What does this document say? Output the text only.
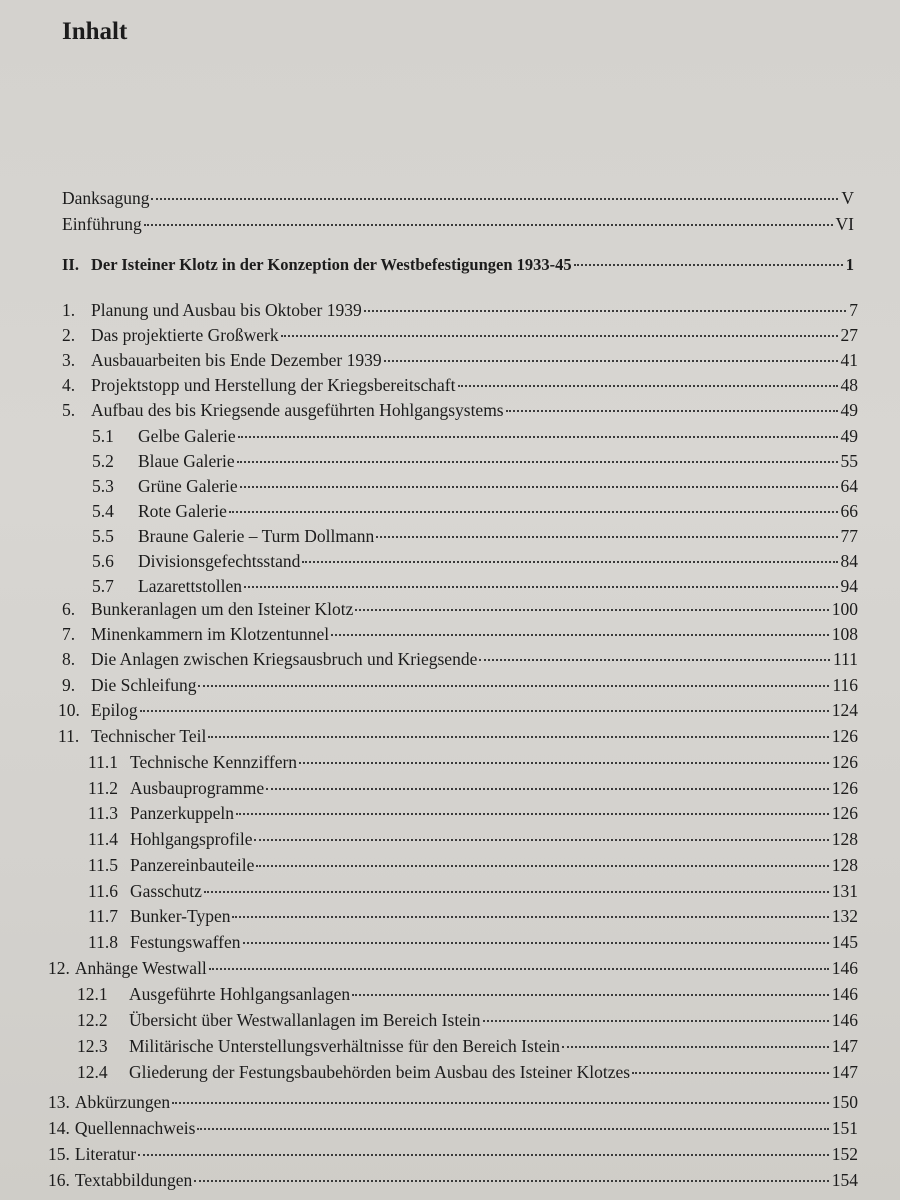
Inhalt
Danksagung	V
Einführung	VI
II. Der Isteiner Klotz in der Konzeption der Westbefestigungen 1933-45	1
1. Planung und Ausbau bis Oktober 1939	7
2. Das projektierte Großwerk	27
3. Ausbauarbeiten bis Ende Dezember 1939	41
4. Projektstopp und Herstellung der Kriegsbereitschaft	48
5. Aufbau des bis Kriegsende ausgeführten Hohlgangsystems	49
5.1	Gelbe Galerie	49
5.2	Blaue Galerie	55
5.3	Grüne Galerie	64
5.4	Rote Galerie	66
5.5	Braune Galerie – Turm Dollmann	77
5.6	Divisionsgefechtsstand	84
5.7	Lazarettstollen	94
6. Bunkeranlagen um den Isteiner Klotz	100
7. Minenkammern im Klotzentunnel	108
8. Die Anlagen zwischen Kriegsausbruch und Kriegsende	111
9. Die Schleifung	116
10. Epilog	124
11. Technischer Teil	126
11.1 Technische Kennziffern	126
11.2 Ausbauprogramme	126
11.3 Panzerkuppeln	126
11.4 Hohlgangsprofile	128
11.5 Panzereinbauteile	128
11.6 Gasschutz	131
11.7 Bunker-Typen	132
11.8 Festungswaffen	145
12. Anhänge Westwall	146
12.1	Ausgeführte Hohlgangsanlagen	146
12.2	Übersicht über Westwallanlagen im Bereich Istein	146
12.3	Militärische Unterstellungsverhältnisse für den Bereich Istein	147
12.4	Gliederung der Festungsbaubehörden beim Ausbau des Isteiner Klotzes	147
13. Abkürzungen	150
14. Quellennachweis	151
15. Literatur	152
16. Textabbildungen	154
